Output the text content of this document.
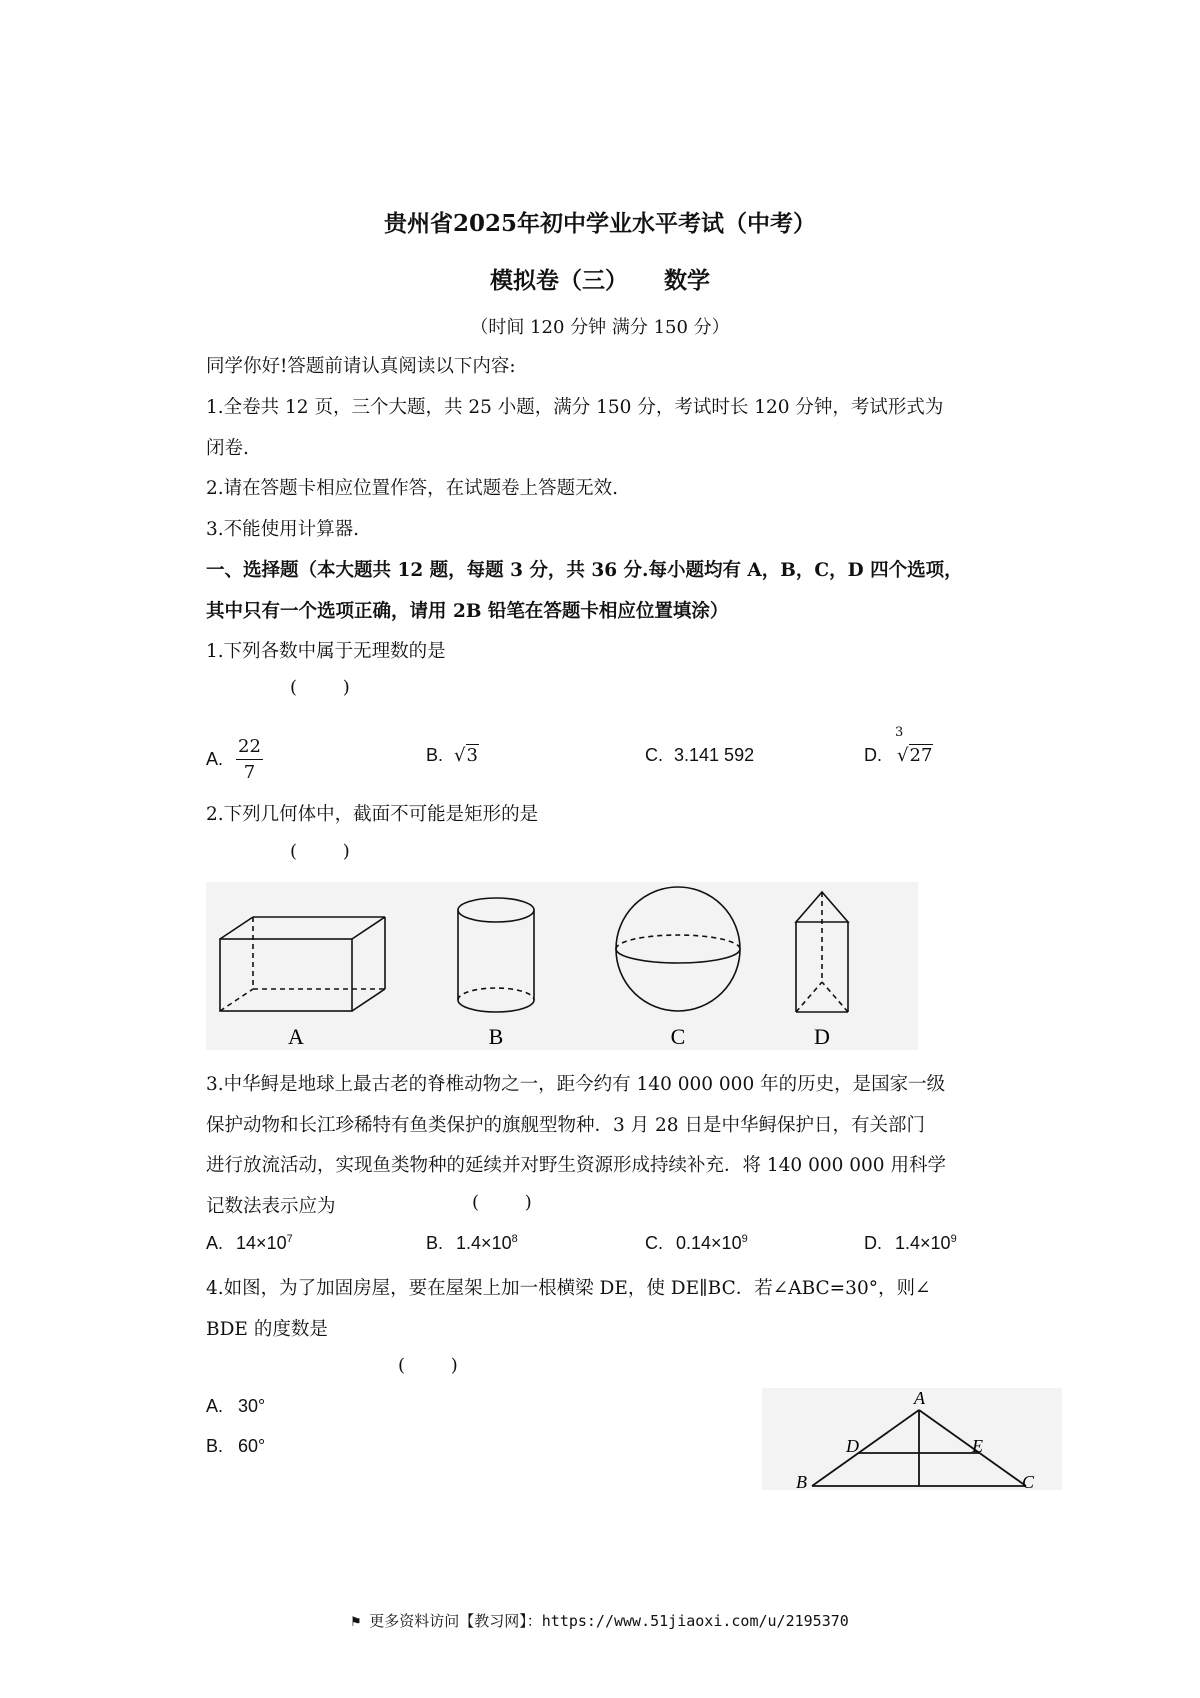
贵州省2025年初中学业水平考试（中考）
模拟卷（三） 数学
（时间 120 分钟 满分 150 分）
同学你好!答题前请认真阅读以下内容:
1.全卷共 12 页，三个大题，共 25 小题，满分 150 分，考试时长 120 分钟，考试形式为
闭卷.
2.请在答题卡相应位置作答，在试题卷上答题无效.
3.不能使用计算器.
一、选择题（本大题共 12 题，每题 3 分，共 36 分.每小题均有 A，B，C，D 四个选项，
其中只有一个选项正确，请用 2B 铅笔在答题卡相应位置填涂）
1.下列各数中属于无理数的是
(        )
A. $\frac{22}{7}$	B. √3	C. 3.141 592	D.
3
√27
2.下列几何体中，截面不可能是矩形的是
(        )
A	B	C	D
3.中华鲟是地球上最古老的脊椎动物之一，距今约有 140 000 000 年的历史，是国家一级
保护动物和长江珍稀特有鱼类保护的旗舰型物种．3 月 28 日是中华鲟保护日，有关部门
进行放流活动，实现鱼类物种的延续并对野生资源形成持续补充．将 140 000 000 用科学
记数法表示应为	(        )
A. $14\times 10^7$	B. $1.4\times 10^8$	C. $0.14\times 10^9$	D. $1.4\times 10^9$
4.如图，为了加固房屋，要在屋架上加一根横梁 DE，使 DE∥BC．若∠ABC=30°，则∠
BDE 的度数是
(        )
A.   30°
B.   60°
A
D	E
B	C
⚑ 更多资料访问【教习网】：https://www.51jiaoxi.com/u/2195370
